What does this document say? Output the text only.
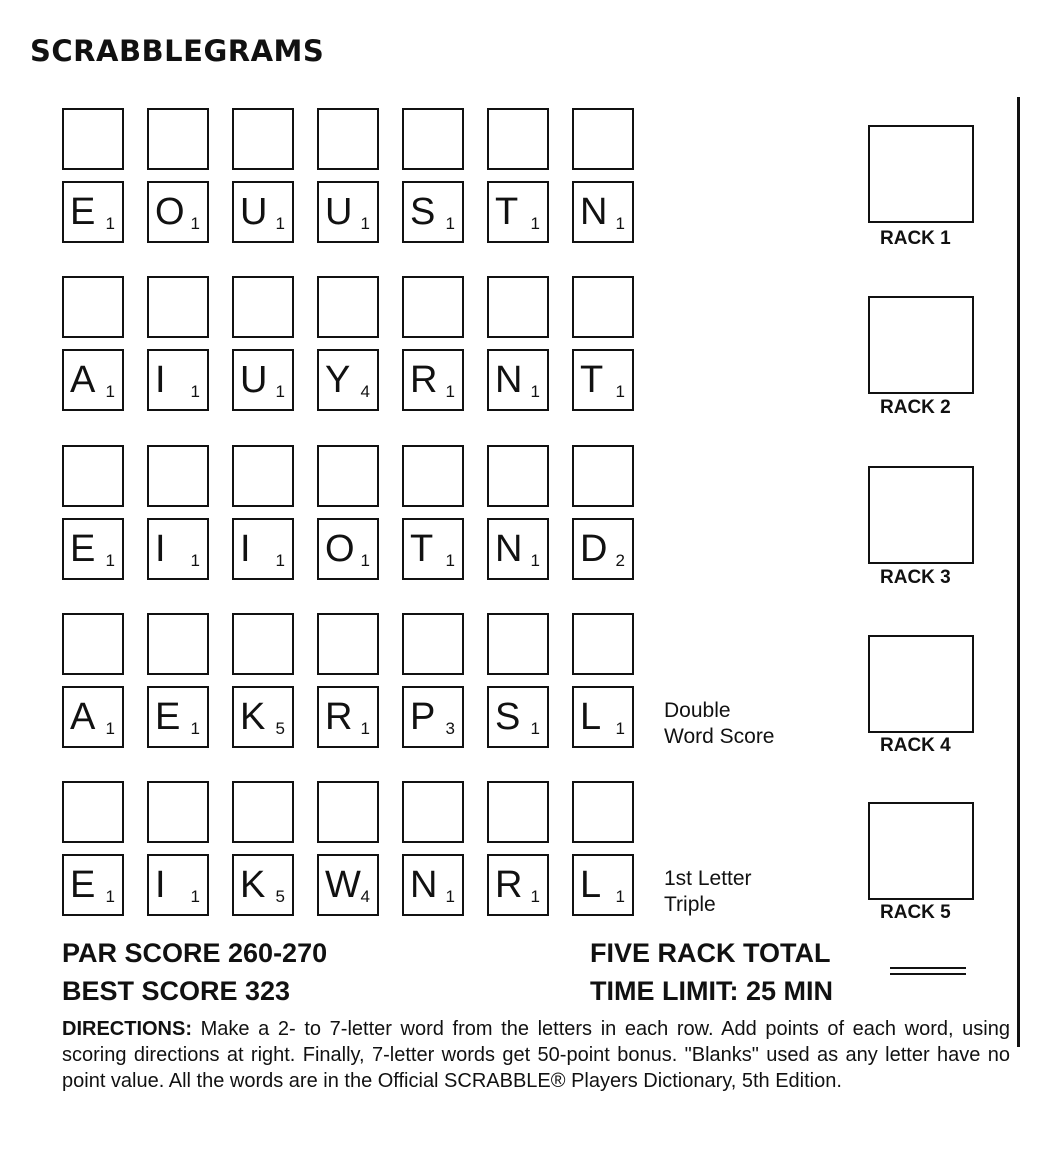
SCRABBLEGRAMS
E 1 O 1 U 1 U 1 S 1 T 1 N 1
RACK 1
A 1 I 1 U 1 Y 4 R 1 N 1 T 1
RACK 2
E 1 I 1 I 1 O 1 T 1 N 1 D 2
RACK 3
A 1 E 1 K 5 R 1 P 3 S 1 L 1
RACK 4
Double
Word Score
E 1 I 1 K 5 W 4 N 1 R 1 L 1
RACK 5
1st Letter
Triple
PAR SCORE 260-270
BEST SCORE 323
FIVE RACK TOTAL
TIME LIMIT: 25 MIN
DIRECTIONS: Make a 2- to 7-letter word from the letters in each row. Add points of each word, using scoring directions at right. Finally, 7-letter words get 50-point bonus. "Blanks" used as any letter have no point value. All the words are in the Official SCRABBLE® Players Dictionary, 5th Edition.
